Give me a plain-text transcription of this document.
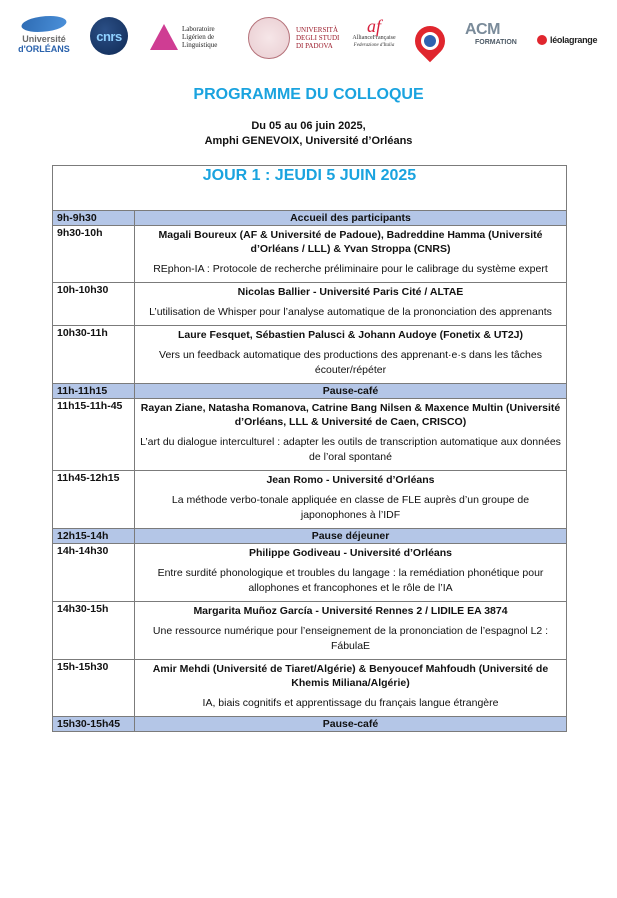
Université
d'ORLÉANS
cnrs	Laboratoire
Ligérien de
Linguistique
UNIVERSITÀ
DEGLI STUDI
DI PADOVA
af
AllianceFrançaise
Federazione d'Italia
ACM
FORMATION	léolagrange
PROGRAMME DU COLLOQUE
Du 05 au 06 juin 2025,
Amphi GENEVOIX, Université d’Orléans
JOUR 1 : JEUDI 5 JUIN 2025	
9h-9h30	Accueil des participants
9h30-10h	Magali Boureux (AF & Université de Padoue), Badreddine Hamma (Université d’Orléans / LLL) & Yvan Stroppa (CNRS)
REphon-IA : Protocole de recherche préliminaire pour le calibrage du système expert

10h-10h30	Nicolas Ballier - Université Paris Cité / ALTAE
L’utilisation de Whisper pour l’analyse automatique de la prononciation des apprenants

10h30-11h	Laure Fesquet, Sébastien Palusci & Johann Audoye (Fonetix & UT2J)
Vers un feedback automatique des productions des apprenant·e·s dans les tâches écouter/répéter

11h-11h15	Pause-café
11h15-11h-45	Rayan Ziane, Natasha Romanova, Catrine Bang Nilsen & Maxence Multin (Université d’Orléans, LLL & Université de Caen, CRISCO)
L’art du dialogue interculturel : adapter les outils de transcription automatique aux données de l’oral spontané

11h45-12h15	Jean Romo - Université d’Orléans
La méthode verbo-tonale appliquée en classe de FLE auprès d’un groupe de japonophones à l’IDF

12h15-14h	Pause déjeuner
14h-14h30	Philippe Godiveau - Université d’Orléans
Entre surdité phonologique et troubles du langage : la remédiation phonétique pour allophones et francophones et le rôle de l’IA

14h30-15h	Margarita Muñoz García - Université Rennes 2 / LIDILE EA 3874
Une ressource numérique pour l’enseignement de la prononciation de l’espagnol L2 : FábulaE

15h-15h30	Amir Mehdi (Université de Tiaret/Algérie) & Benyoucef Mahfoudh (Université de Khemis Miliana/Algérie)
IA, biais cognitifs et apprentissage du français langue étrangère

15h30-15h45	Pause-café
